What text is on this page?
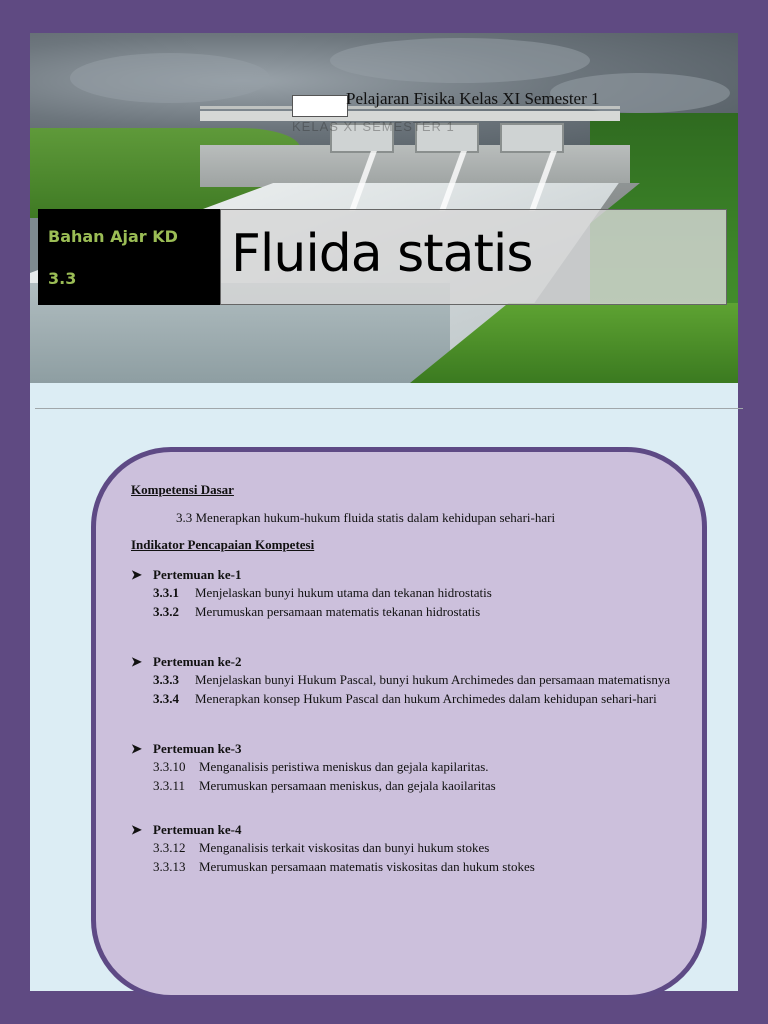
Pelajaran Fisika Kelas XI Semester 1
KELAS XI SEMESTER 1
Bahan Ajar KD
3.3	Fluida statis

Kompetensi Dasar

3.3 Menerapkan hukum-hukum fluida statis dalam kehidupan sehari-hari

Indikator Pencapaian Kompetesi

➤ Pertemuan ke-1
3.3.1	Menjelaskan bunyi hukum utama dan tekanan hidrostatis
3.3.2	Merumuskan persamaan matematis tekanan hidrostatis
➤ Pertemuan ke-2
3.3.3	Menjelaskan bunyi Hukum Pascal, bunyi hukum Archimedes dan persamaan matematisnya
3.3.4	Menerapkan konsep Hukum Pascal dan hukum Archimedes dalam kehidupan sehari-hari
➤ Pertemuan ke-3
3.3.10	Menganalisis peristiwa meniskus dan gejala kapilaritas.
3.3.11	Merumuskan persamaan meniskus, dan gejala kaoilaritas
➤ Pertemuan ke-4
3.3.12	Menganalisis terkait viskositas dan bunyi hukum stokes
3.3.13	Merumuskan persamaan matematis viskositas dan hukum stokes
